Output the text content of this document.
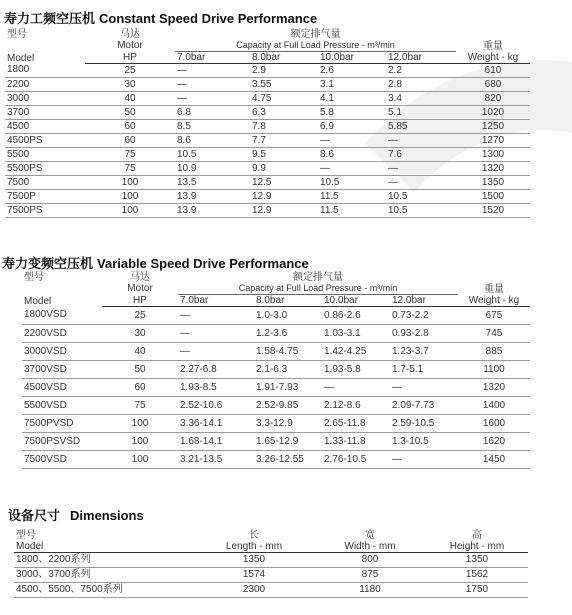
寿力工频空压机 Constant Speed Drive Performance
型号	马达	额定排气量				重量
Model	Motor	Capacity at Full Load Pressure - m³/min				
	HP	7.0bar	8.0bar	10.0bar	12.0bar	Weight - kg
1800	25	—	2.9	2.6	2.2	610
2200	30	—	3.55	3.1	2.8	680
3000	40	—	4.75	4.1	3.4	820
3700	50	6.8	6.3	5.8	5.1	1020
4500	60	8.5	7.8	6.9	5.85	1250
4500PS	60	8.6	7.7	—	—	1270
5500	75	10.5	9.5	8.6	7.6	1300
5500PS	75	10.9	9.9	—	—	1320
7500	100	13.5	12.5	10.5	—	1350
7500P	100	13.9	12.9	11.5	10.5	1500
7500PS	100	13.9	12.9	11.5	10.5	1520
寿力变频空压机 Variable Speed Drive Performance
型号	马达	额定排气量				重量
Model	Motor	Capacity at Full Load Pressure - m³/min				
	HP	7.0bar	8.0bar	10.0bar	12.0bar	Weight - kg
1800VSD	25	—	1.0-3.0	0.86-2.6	0.73-2.2	675
2200VSD	30	—	1.2-3.6	1.03-3.1	0.93-2.8	745
3000VSD	40	—	1.58-4.75	1.42-4.25	1.23-3.7	885
3700VSD	50	2.27-6.8	2.1-6.3	1.93-5.8	1.7-5.1	1100
4500VSD	60	1.93-8.5	1.91-7.93	—	—	1320
5500VSD	75	2.52-10.6	2.52-9.85	2.12-8.6	2.09-7.73	1400
7500PVSD	100	3.36-14.1	3.3-12.9	2.65-11.8	2.59-10.5	1600
7500PSVSD	100	1.68-14.1	1.65-12.9	1.33-11.8	1.3-10.5	1620
7500VSD	100	3.21-13.5	3.26-12.55	2.76-10.5	—	1450
设备尺寸 Dimensions
型号	长	宽	高
Model	Length - mm	Width - mm	Height - mm
1800、2200系列	1350	800	1350
3000、3700系列	1574	875	1562
4500、5500、7500系列	2300	1180	1750
